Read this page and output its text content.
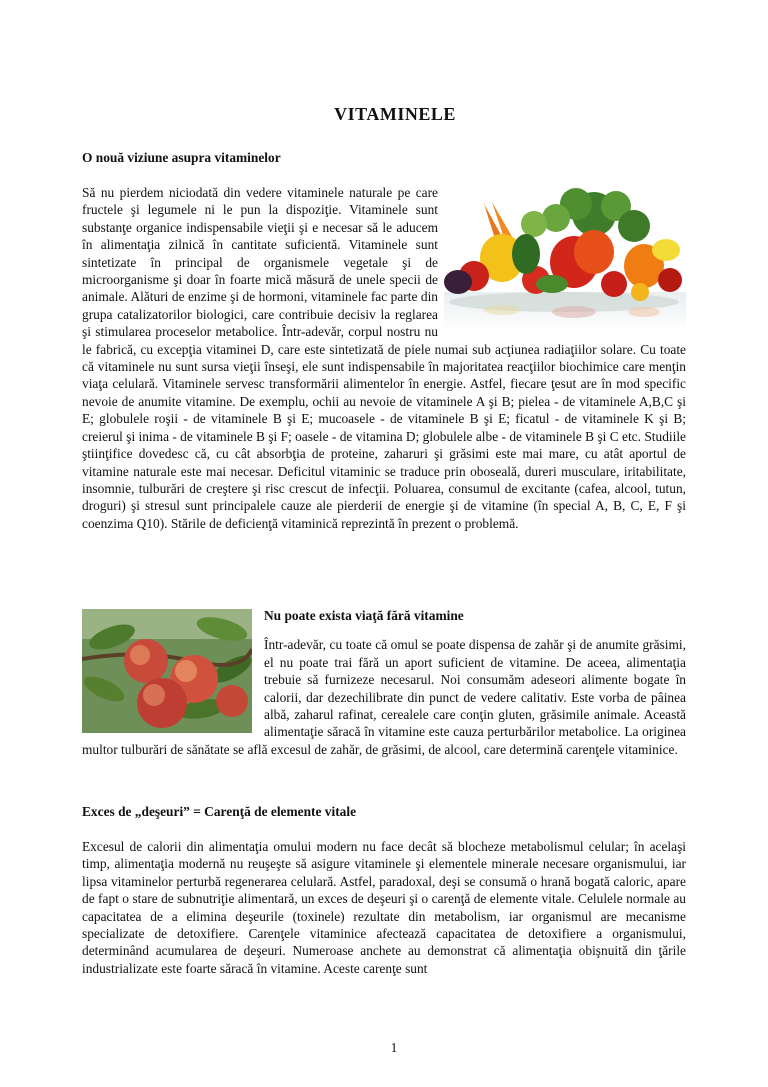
VITAMINELE
O nouă viziune asupra vitaminelor
Să nu pierdem niciodată din vedere vitaminele naturale pe care fructele şi legumele ni le pun la dispoziţie. Vitaminele sunt substanţe organice indispensabile vieţii şi e necesar să le aducem în alimentaţia zilnică în cantitate suficientă. Vitaminele sunt sintetizate în principal de organismele vegetale şi de microorganisme şi doar în foarte mică măsură de unele specii de animale. Alături de enzime şi de hormoni, vitaminele fac parte din grupa catalizatorilor biologici, care contribuie decisiv la reglarea şi stimularea proceselor metabolice. Într-adevăr, corpul nostru nu le fabrică, cu excepţia vitaminei D, care este sintetizată de piele numai sub acţiunea radiaţiilor solare. Cu toate că vitaminele nu sunt sursa vieţii înseşi, ele sunt indispensabile în majoritatea reacţiilor biochimice care menţin viaţa celulară. Vitaminele servesc transformării alimentelor în energie. Astfel, fiecare ţesut are în mod specific nevoie de anumite vitamine. De exemplu, ochii au nevoie de vitaminele A şi B; pielea - de vitaminele A,B,C şi E; globulele roşii - de vitaminele B şi E; mucoasele - de vitaminele B şi E; ficatul - de vitaminele K şi B; creierul şi inima - de vitaminele B şi F; oasele - de vitamina D; globulele albe - de vitaminele B şi C etc. Studiile ştiinţifice dovedesc că, cu cât absorbţia de proteine, zaharuri şi grăsimi este mai mare, cu atât aportul de vitamine naturale este mai necesar. Deficitul vitaminic se traduce prin oboseală, dureri musculare, iritabilitate, insomnie, tulburări de creştere şi risc crescut de infecţii. Poluarea, consumul de excitante (cafea, alcool, tutun, droguri) şi stresul sunt principalele cauze ale pierderii de energie şi de vitamine (în special A, B, C, E, F şi coenzima Q10). Stările de deficienţă vitaminică reprezintă în prezent o problemă.
Nu poate exista viaţă fără vitamine
Într-adevăr, cu toate că omul se poate dispensa de zahăr şi de anumite grăsimi, el nu poate trai fără un aport suficient de vitamine. De aceea, alimentaţia trebuie să furnizeze necesarul. Noi consumăm adeseori alimente bogate în calorii, dar dezechilibrate din punct de vedere calitativ. Este vorba de pâinea albă, zaharul rafinat, cerealele care conţin gluten, grăsimile animale. Această alimentaţie săracă în vitamine este cauza perturbărilor metabolice. La originea multor tulburări de sănătate se află excesul de zahăr, de grăsimi, de alcool, care determină carenţele vitaminice.
Exces de „deşeuri” = Carenţă de elemente vitale
Excesul de calorii din alimentaţia omului modern nu face decât să blocheze metabolismul celular; în acelaşi timp, alimentaţia modernă nu reuşeşte să asigure vitaminele şi elementele minerale necesare organismului, iar lipsa vitaminelor perturbă regenerarea celulară. Astfel, paradoxal, deşi se consumă o hrană bogată caloric, apare de fapt o stare de subnutriţie alimentară, un exces de deşeuri şi o carenţă de elemente vitale. Celulele normale au capacitatea de a elimina deşeurile (toxinele) rezultate din metabolism, iar organismul are mecanisme specializate de detoxifiere. Carenţele vitaminice afectează capacitatea de detoxifiere a organismului, determinând acumularea de deşeuri. Numeroase anchete au demonstrat că alimentaţia obişnuită din ţările industrializate este foarte săracă în vitamine. Aceste carenţe sunt
1
